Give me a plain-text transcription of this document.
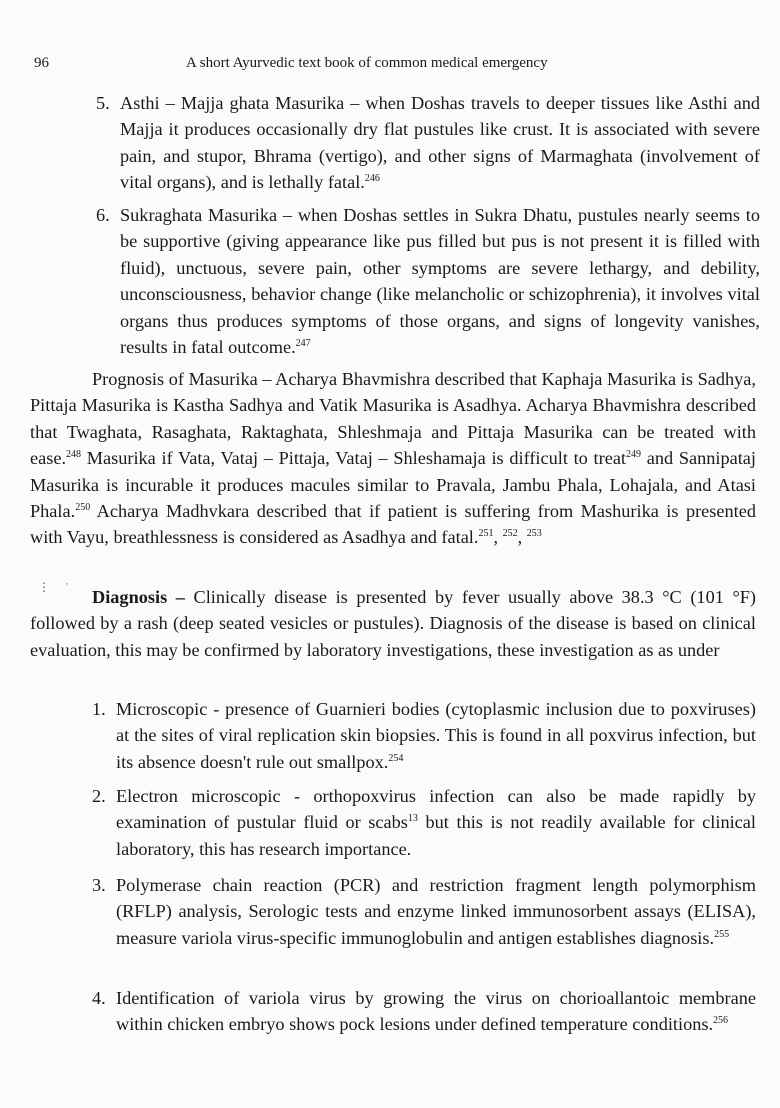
96	A short Ayurvedic text book of common medical emergency
5. Asthi – Majja ghata Masurika – when Doshas travels to deeper tissues like Asthi and Majja it produces occasionally dry flat pustules like crust. It is associated with severe pain, and stupor, Bhrama (vertigo), and other signs of Marmaghata (involvement of vital organs), and is lethally fatal.$^{246}$
6. Sukraghata Masurika – when Doshas settles in Sukra Dhatu, pustules nearly seems to be supportive (giving appearance like pus filled but pus is not present it is filled with fluid), unctuous, severe pain, other symptoms are severe lethargy, and debility, unconsciousness, behavior change (like melancholic or schizophrenia), it involves vital organs thus produces symptoms of those organs, and signs of longevity vanishes, results in fatal outcome.$^{247}$
Prognosis of Masurika – Acharya Bhavmishra described that Kaphaja Masurika is Sadhya, Pittaja Masurika is Kastha Sadhya and Vatik Masurika is Asadhya. Acharya Bhavmishra described that Twaghata, Rasaghata, Raktaghata, Shleshmaja and Pittaja Masurika can be treated with ease.$^{248}$ Masurika if Vata, Vataj – Pittaja, Vataj – Shleshamaja is difficult to treat$^{249}$ and Sannipataj Masurika is incurable it produces macules similar to Pravala, Jambu Phala, Lohajala, and Atasi Phala.$^{250}$ Acharya Madhvkara described that if patient is suffering from Mashurika is presented with Vayu, breathlessness is considered as Asadhya and fatal.$^{251}$, $^{252}$, $^{253}$
⋮ ˙ Diagnosis – Clinically disease is presented by fever usually above 38.3 °C (101 °F) followed by a rash (deep seated vesicles or pustules). Diagnosis of the disease is based on clinical evaluation, this may be confirmed by laboratory investigations, these investigation as as under
1. Microscopic - presence of Guarnieri bodies (cytoplasmic inclusion due to poxviruses) at the sites of viral replication skin biopsies. This is found in all poxvirus infection, but its absence doesn't rule out smallpox.$^{254}$
2. Electron microscopic - orthopoxvirus infection can also be made rapidly by examination of pustular fluid or scabs$^{13}$ but this is not readily available for clinical laboratory, this has research importance.
3. Polymerase chain reaction (PCR) and restriction fragment length polymorphism (RFLP) analysis, Serologic tests and enzyme linked immunosorbent assays (ELISA), measure variola virus-specific immunoglobulin and antigen establishes diagnosis.$^{255}$
4. Identification of variola virus by growing the virus on chorioallantoic membrane within chicken embryo shows pock lesions under defined temperature conditions.$^{256}$
